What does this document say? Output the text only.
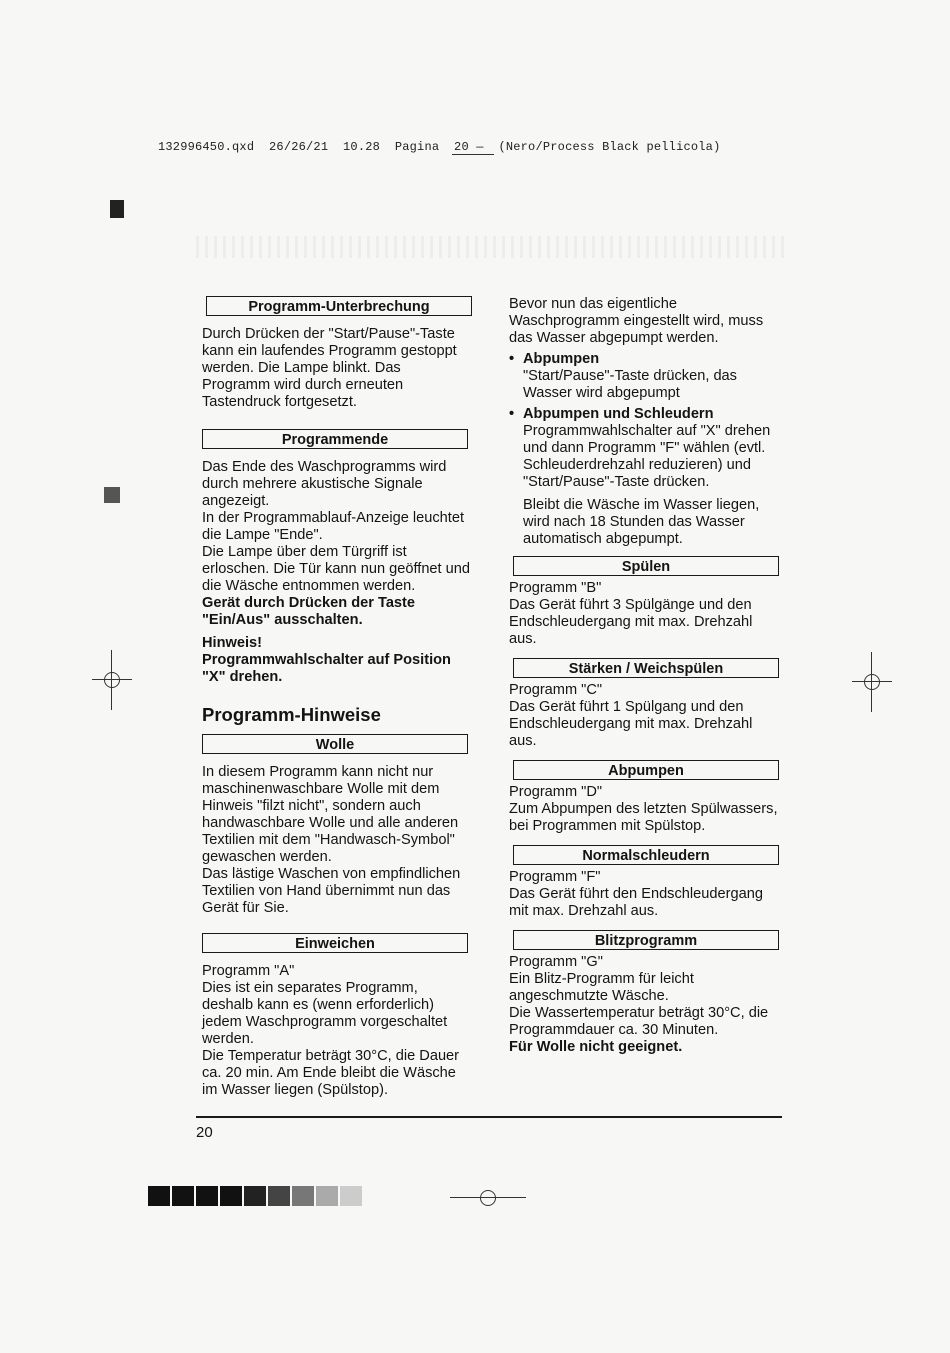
132996450.qxd  26/26/21  10.28  Pagina  20 —  (Nero/Process Black pellicola)
Programm-Unterbrechung

Durch Drücken der "Start/Pause"-Taste kann ein laufendes Programm gestoppt werden. Die Lampe blinkt. Das Programm wird durch erneuten Tastendruck fortgesetzt.

Programmende

Das Ende des Waschprogramms wird durch mehrere akustische Signale angezeigt.

In der Programmablauf-Anzeige leuchtet die Lampe "Ende".

Die Lampe über dem Türgriff ist erloschen. Die Tür kann nun geöffnet und die Wäsche entnommen werden.

Gerät durch Drücken der Taste "Ein/Aus" ausschalten.

Hinweis!

Programmwahlschalter auf Position "X" drehen.

Programm-Hinweise

Wolle

In diesem Programm kann nicht nur maschinenwaschbare Wolle mit dem Hinweis "filzt nicht", sondern auch handwaschbare Wolle und alle anderen Textilien mit dem "Handwasch-Symbol" gewaschen werden.

Das lästige Waschen von empfindlichen Textilien von Hand übernimmt nun das Gerät für Sie.

Einweichen

Programm "A"

Dies ist ein separates Programm, deshalb kann es (wenn erforderlich) jedem Waschprogramm vorgeschaltet werden.

Die Temperatur beträgt 30°C, die Dauer ca. 20 min. Am Ende bleibt die Wäsche im Wasser liegen (Spülstop).

Bevor nun das eigentliche Waschprogramm eingestellt wird, muss das Wasser abgepumpt werden.

• Abpumpen

"Start/Pause"-Taste drücken, das Wasser wird abgepumpt

• Abpumpen und Schleudern

Programmwahlschalter auf "X" drehen und dann Programm "F" wählen (evtl. Schleuderdrehzahl reduzieren) und "Start/Pause"-Taste drücken.

Bleibt die Wäsche im Wasser liegen, wird nach 18 Stunden das Wasser automatisch abgepumpt.

Spülen

Programm "B"

Das Gerät führt 3 Spülgänge und den Endschleudergang mit max. Drehzahl aus.

Stärken / Weichspülen

Programm "C"

Das Gerät führt 1 Spülgang und den Endschleudergang mit max. Drehzahl aus.

Abpumpen

Programm "D"

Zum Abpumpen des letzten Spülwassers, bei Programmen mit Spülstop.

Normalschleudern

Programm "F"

Das Gerät führt den Endschleudergang mit max. Drehzahl aus.

Blitzprogramm

Programm "G"

Ein Blitz-Programm für leicht angeschmutzte Wäsche.

Die Wassertemperatur beträgt 30°C, die Programmdauer ca. 30 Minuten.

Für Wolle nicht geeignet.

20
